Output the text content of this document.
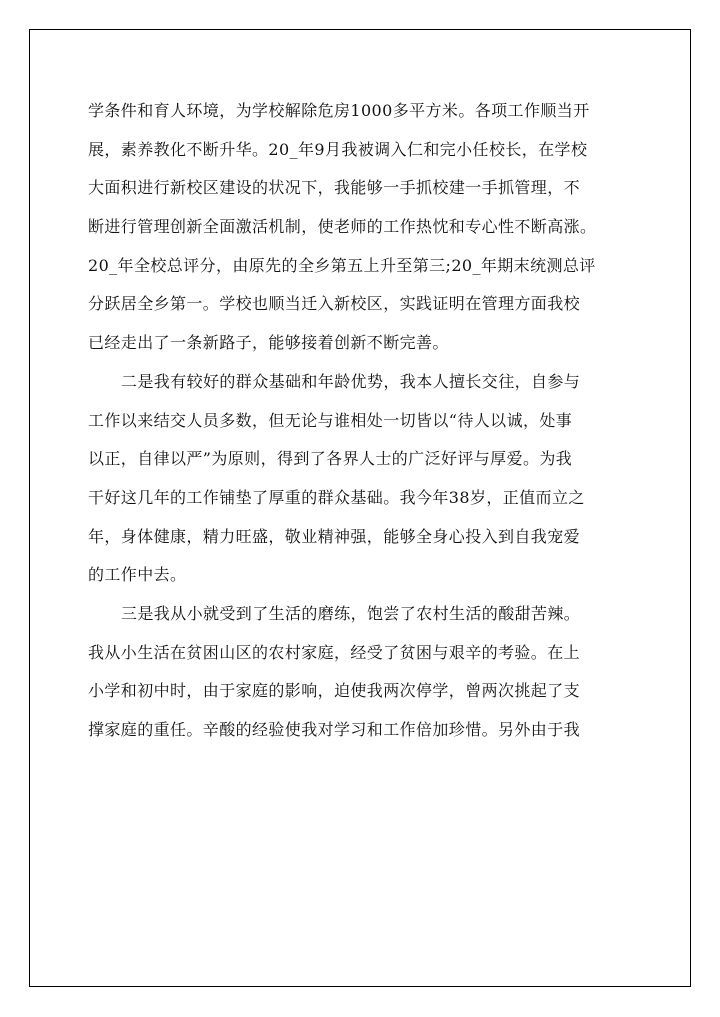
学条件和育人环境，为学校解除危房1000多平方米。各项工作顺当开
展，素养教化不断升华。20_年9月我被调入仁和完小任校长，在学校
大面积进行新校区建设的状况下，我能够一手抓校建一手抓管理，不
断进行管理创新全面激活机制，使老师的工作热忱和专心性不断高涨。
20_年全校总评分，由原先的全乡第五上升至第三;20_年期末统测总评
分跃居全乡第一。学校也顺当迁入新校区，实践证明在管理方面我校
已经走出了一条新路子，能够接着创新不断完善。
二是我有较好的群众基础和年龄优势，我本人擅长交往，自参与
工作以来结交人员多数，但无论与谁相处一切皆以“待人以诚，处事
以正，自律以严”为原则，得到了各界人士的广泛好评与厚爱。为我
干好这几年的工作铺垫了厚重的群众基础。我今年38岁，正值而立之
年，身体健康，精力旺盛，敬业精神强，能够全身心投入到自我宠爱
的工作中去。
三是我从小就受到了生活的磨练，饱尝了农村生活的酸甜苦辣。
我从小生活在贫困山区的农村家庭，经受了贫困与艰辛的考验。在上
小学和初中时，由于家庭的影响，迫使我两次停学，曾两次挑起了支
撑家庭的重任。辛酸的经验使我对学习和工作倍加珍惜。另外由于我
